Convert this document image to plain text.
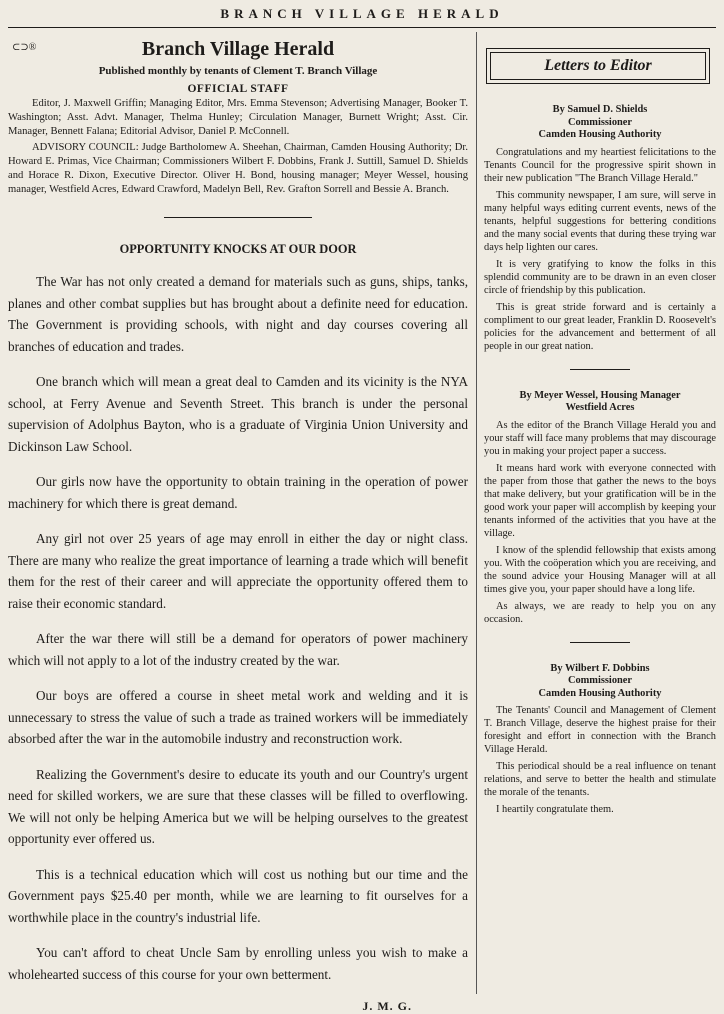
BRANCH VILLAGE HERALD
⊂⊃®	Branch Village Herald
Published monthly by tenants of Clement T. Branch Village
OFFICIAL STAFF

Editor, J. Maxwell Griffin; Managing Editor, Mrs. Emma Stevenson; Advertising Manager, Booker T. Washington; Asst. Advt. Manager, Thelma Hunley; Circulation Manager, Burnett Wright; Asst. Cir. Manager, Bennett Falana; Editorial Advisor, Daniel P. McConnell.

ADVISORY COUNCIL: Judge Bartholomew A. Sheehan, Chairman, Camden Housing Authority; Dr. Howard E. Primas, Vice Chairman; Commissioners Wilbert F. Dobbins, Frank J. Suttill, Samuel D. Shields and Horace R. Dixon, Executive Director. Oliver H. Bond, housing manager; Meyer Wessel, housing manager, Westfield Acres, Edward Crawford, Madelyn Bell, Rev. Grafton Sorrell and Bessie A. Branch.

OPPORTUNITY KNOCKS AT OUR DOOR

The War has not only created a demand for materials such as guns, ships, tanks, planes and other combat supplies but has brought about a definite need for education. The Government is providing schools, with night and day courses covering all branches of education and trades.

One branch which will mean a great deal to Camden and its vicinity is the NYA school, at Ferry Avenue and Seventh Street. This branch is under the personal supervision of Adolphus Bayton, who is a graduate of Virginia Union University and Dickinson Law School.

Our girls now have the opportunity to obtain training in the operation of power machinery for which there is great demand.

Any girl not over 25 years of age may enroll in either the day or night class. There are many who realize the great importance of learning a trade which will benefit them for the rest of their career and will appreciate the opportunity offered them to raise their economic standard.

After the war there will still be a demand for operators of power machinery which will not apply to a lot of the industry created by the war.

Our boys are offered a course in sheet metal work and welding and it is unnecessary to stress the value of such a trade as trained workers will be immediately absorbed after the war in the automobile industry and reconstruction work.

Realizing the Government's desire to educate its youth and our Country's urgent need for skilled workers, we are sure that these classes will be filled to overflowing. We will not only be helping America but we will be helping ourselves to the greatest opportunity ever offered us.

This is a technical education which will cost us nothing but our time and the Government pays $25.40 per month, while we are learning to fit ourselves for a worthwhile place in the country's industrial life.

You can't afford to cheat Uncle Sam by enrolling unless you wish to make a wholehearted success of this course for your own betterment.

J. M. G.
Letters to Editor
By Samuel D. Shields
Commissioner
Camden Housing Authority

Congratulations and my heartiest felicitations to the Tenants Council for the progressive spirit shown in their new publication "The Branch Village Herald."

This community newspaper, I am sure, will serve in many helpful ways editing current events, news of the tenants, helpful suggestions for bettering conditions and the many social events that during these trying war days help lighten our cares.

It is very gratifying to know the folks in this splendid community are to be drawn in an even closer circle of friendship by this publication.

This is great stride forward and is certainly a compliment to our great leader, Franklin D. Roosevelt's policies for the advancement and betterment of all people in our great nation.

By Meyer Wessel, Housing Manager
Westfield Acres

As the editor of the Branch Village Herald you and your staff will face many problems that may discourage you in making your project paper a success.

It means hard work with everyone connected with the paper from those that gather the news to the boys that make delivery, but your gratification will be in the good work your paper will accomplish by keeping your tenants informed of the activities that you have at the village.

I know of the splendid fellowship that exists among you. With the coöperation which you are receiving, and the sound advice your Housing Manager will at all times give you, your paper should have a long life.

As always, we are ready to help you on any occasion.

By Wilbert F. Dobbins
Commissioner
Camden Housing Authority

The Tenants' Council and Management of Clement T. Branch Village, deserve the highest praise for their foresight and effort in connection with the Branch Village Herald.

This periodical should be a real influence on tenant relations, and serve to better the health and stimulate the morale of the tenants.

I heartily congratulate them.
